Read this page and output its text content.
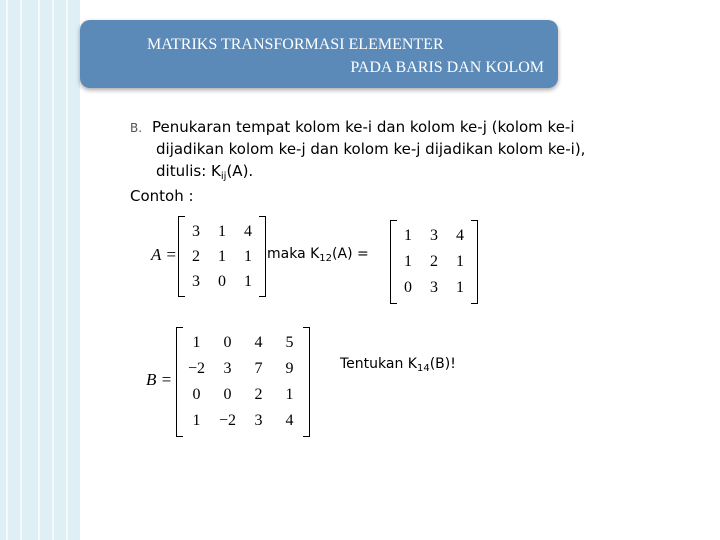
MATRIKS TRANSFORMASI ELEMENTER
PADA BARIS DAN KOLOM
B. Penukaran tempat kolom ke-i dan kolom ke-j (kolom ke-i
dijadikan kolom ke-j dan kolom ke-j dijadikan kolom ke-i),
ditulis: $K_{ij}(A)$.
Contoh :
A =
3	1	4
2	1	1
3	0	1
maka $K_{12}(A)$ =
1	3	4
1	2	1
0	3	1
B =
1	0	4	5
−2	3	7	9
0	0	2	1
1	−2	3	4
Tentukan $K_{14}(B)$!
